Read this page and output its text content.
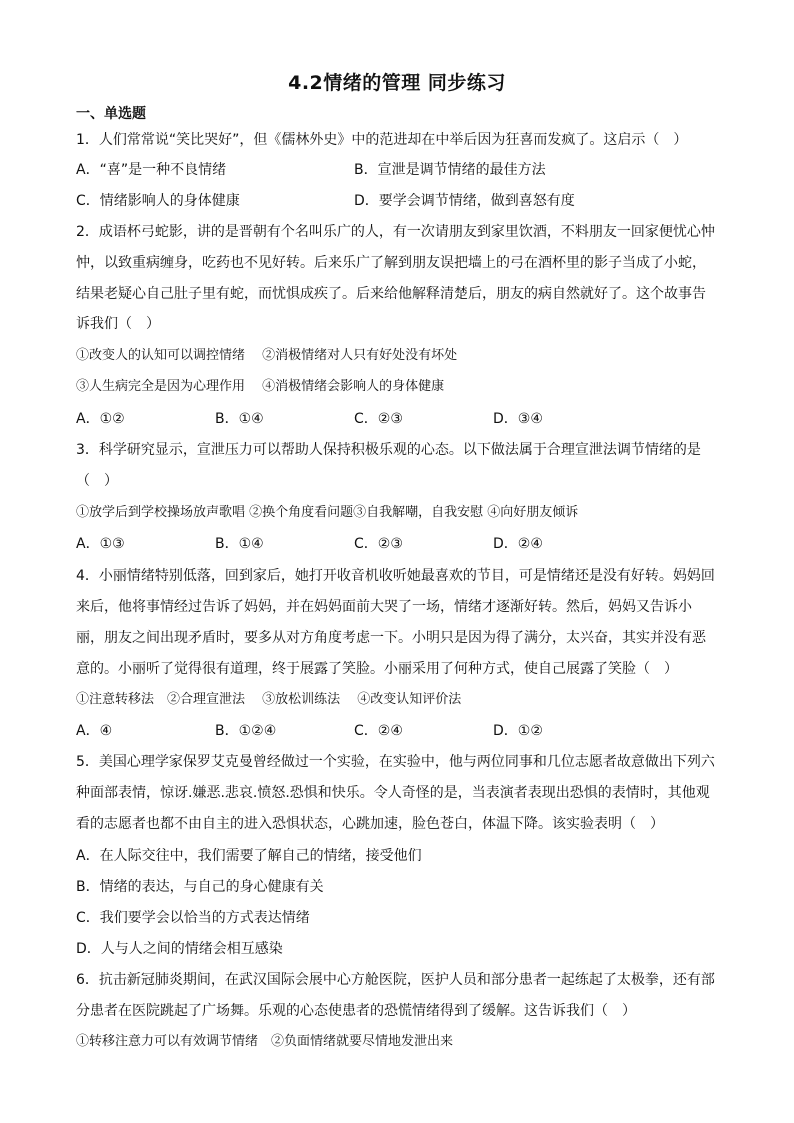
4.2情绪的管理 同步练习
一、单选题
1．人们常常说“笑比哭好”，但《儒林外史》中的范进却在中举后因为狂喜而发疯了。这启示（　）
A．“喜”是一种不良情绪	B．宣泄是调节情绪的最佳方法
C．情绪影响人的身体健康	D．要学会调节情绪，做到喜怒有度
2．成语杯弓蛇影，讲的是晋朝有个名叫乐广的人，有一次请朋友到家里饮酒，不料朋友一回家便忧心忡
忡，以致重病缠身，吃药也不见好转。后来乐广了解到朋友误把墙上的弓在酒杯里的影子当成了小蛇，
结果老疑心自己肚子里有蛇，而忧惧成疾了。后来给他解释清楚后，朋友的病自然就好了。这个故事告
诉我们（　）
①改变人的认知可以调控情绪　 ②消极情绪对人只有好处没有坏处
③人生病完全是因为心理作用　 ④消极情绪会影响人的身体健康
A．①②	B．①④	C．②③	D．③④
3．科学研究显示，宣泄压力可以帮助人保持积极乐观的心态。以下做法属于合理宣泄法调节情绪的是
（　）
①放学后到学校操场放声歌唱 ②换个角度看问题③自我解嘲，自我安慰 ④向好朋友倾诉
A．①③	B．①④	C．②③	D．②④
4．小丽情绪特别低落，回到家后，她打开收音机收听她最喜欢的节目，可是情绪还是没有好转。妈妈回
来后，他将事情经过告诉了妈妈，并在妈妈面前大哭了一场，情绪才逐渐好转。然后，妈妈又告诉小
丽，朋友之间出现矛盾时，要多从对方角度考虑一下。小明只是因为得了满分，太兴奋，其实并没有恶
意的。小丽听了觉得很有道理，终于展露了笑脸。小丽采用了何种方式，使自己展露了笑脸（　）
①注意转移法　②合理宣泄法　 ③放松训练法　 ④改变认知评价法
A．④	B．①②④	C．②④	D．①②
5．美国心理学家保罗艾克曼曾经做过一个实验，在实验中，他与两位同事和几位志愿者故意做出下列六
种面部表情，惊讶.嫌恶.悲哀.愤怒.恐惧和快乐。令人奇怪的是，当表演者表现出恐惧的表情时，其他观
看的志愿者也都不由自主的进入恐惧状态，心跳加速，脸色苍白，体温下降。该实验表明（　）
A．在人际交往中，我们需要了解自己的情绪，接受他们
B．情绪的表达，与自己的身心健康有关
C．我们要学会以恰当的方式表达情绪
D．人与人之间的情绪会相互感染
6．抗击新冠肺炎期间，在武汉国际会展中心方舱医院，医护人员和部分患者一起练起了太极拳，还有部
分患者在医院跳起了广场舞。乐观的心态使患者的恐慌情绪得到了缓解。这告诉我们（　）
①转移注意力可以有效调节情绪　②负面情绪就要尽情地发泄出来
